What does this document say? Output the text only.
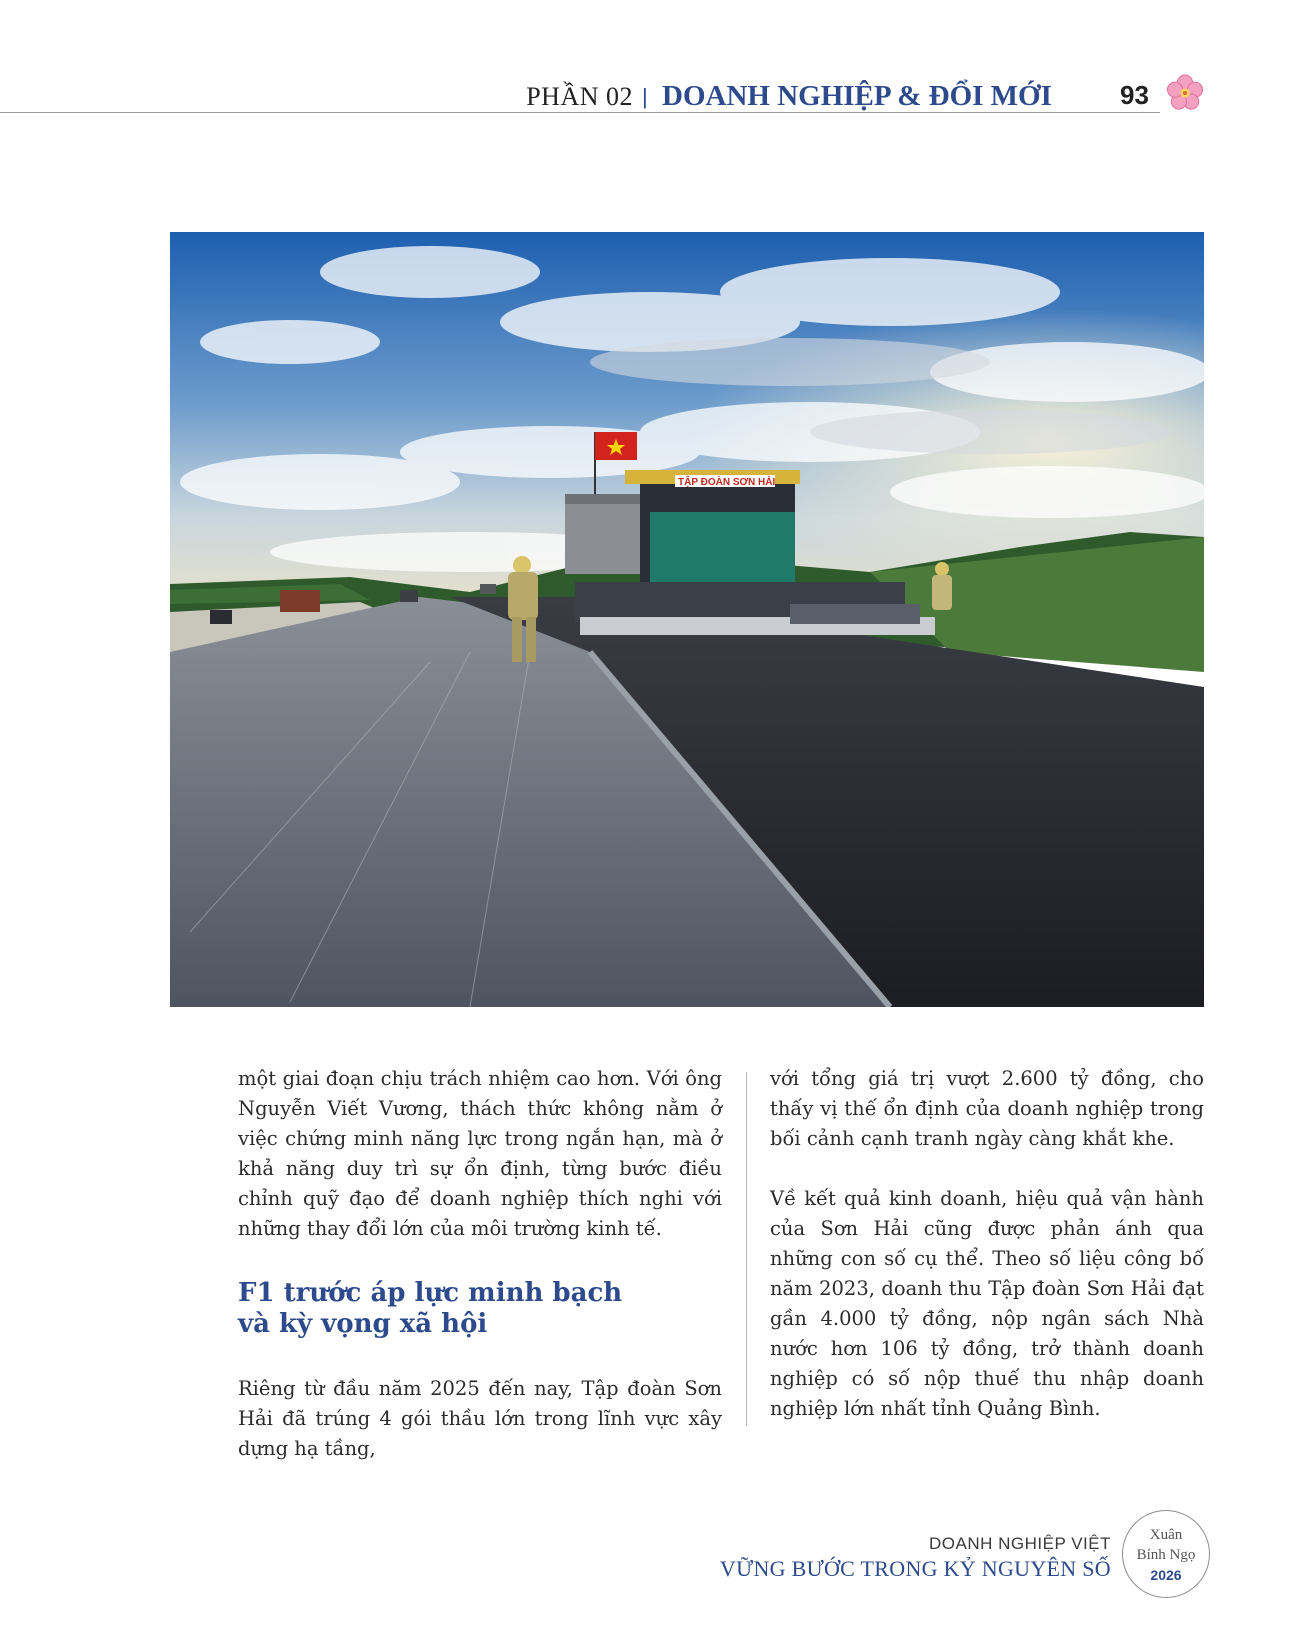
PHẦN 02 | DOANH NGHIỆP & ĐỔI MỚI	93
TẬP ĐOÀN SƠN HẢI

một giai đoạn chịu trách nhiệm cao hơn. Với ông Nguyễn Viết Vương, thách thức không nằm ở việc chứng minh năng lực trong ngắn hạn, mà ở khả năng duy trì sự ổn định, từng bước điều chỉnh quỹ đạo để doanh nghiệp thích nghi với những thay đổi lớn của môi trường kinh tế.

F1 trước áp lực minh bạch
và kỳ vọng xã hội

Riêng từ đầu năm 2025 đến nay, Tập đoàn Sơn Hải đã trúng 4 gói thầu lớn trong lĩnh vực xây dựng hạ tầng,

với tổng giá trị vượt 2.600 tỷ đồng, cho thấy vị thế ổn định của doanh nghiệp trong bối cảnh cạnh tranh ngày càng khắt khe.

Về kết quả kinh doanh, hiệu quả vận hành của Sơn Hải cũng được phản ánh qua những con số cụ thể. Theo số liệu công bố năm 2023, doanh thu Tập đoàn Sơn Hải đạt gần 4.000 tỷ đồng, nộp ngân sách Nhà nước hơn 106 tỷ đồng, trở thành doanh nghiệp có số nộp thuế thu nhập doanh nghiệp lớn nhất tỉnh Quảng Bình.

DOANH NGHIỆP VIỆT
VỮNG BƯỚC TRONG KỶ NGUYÊN SỐ
Xuân
Bính Ngọ
2026
